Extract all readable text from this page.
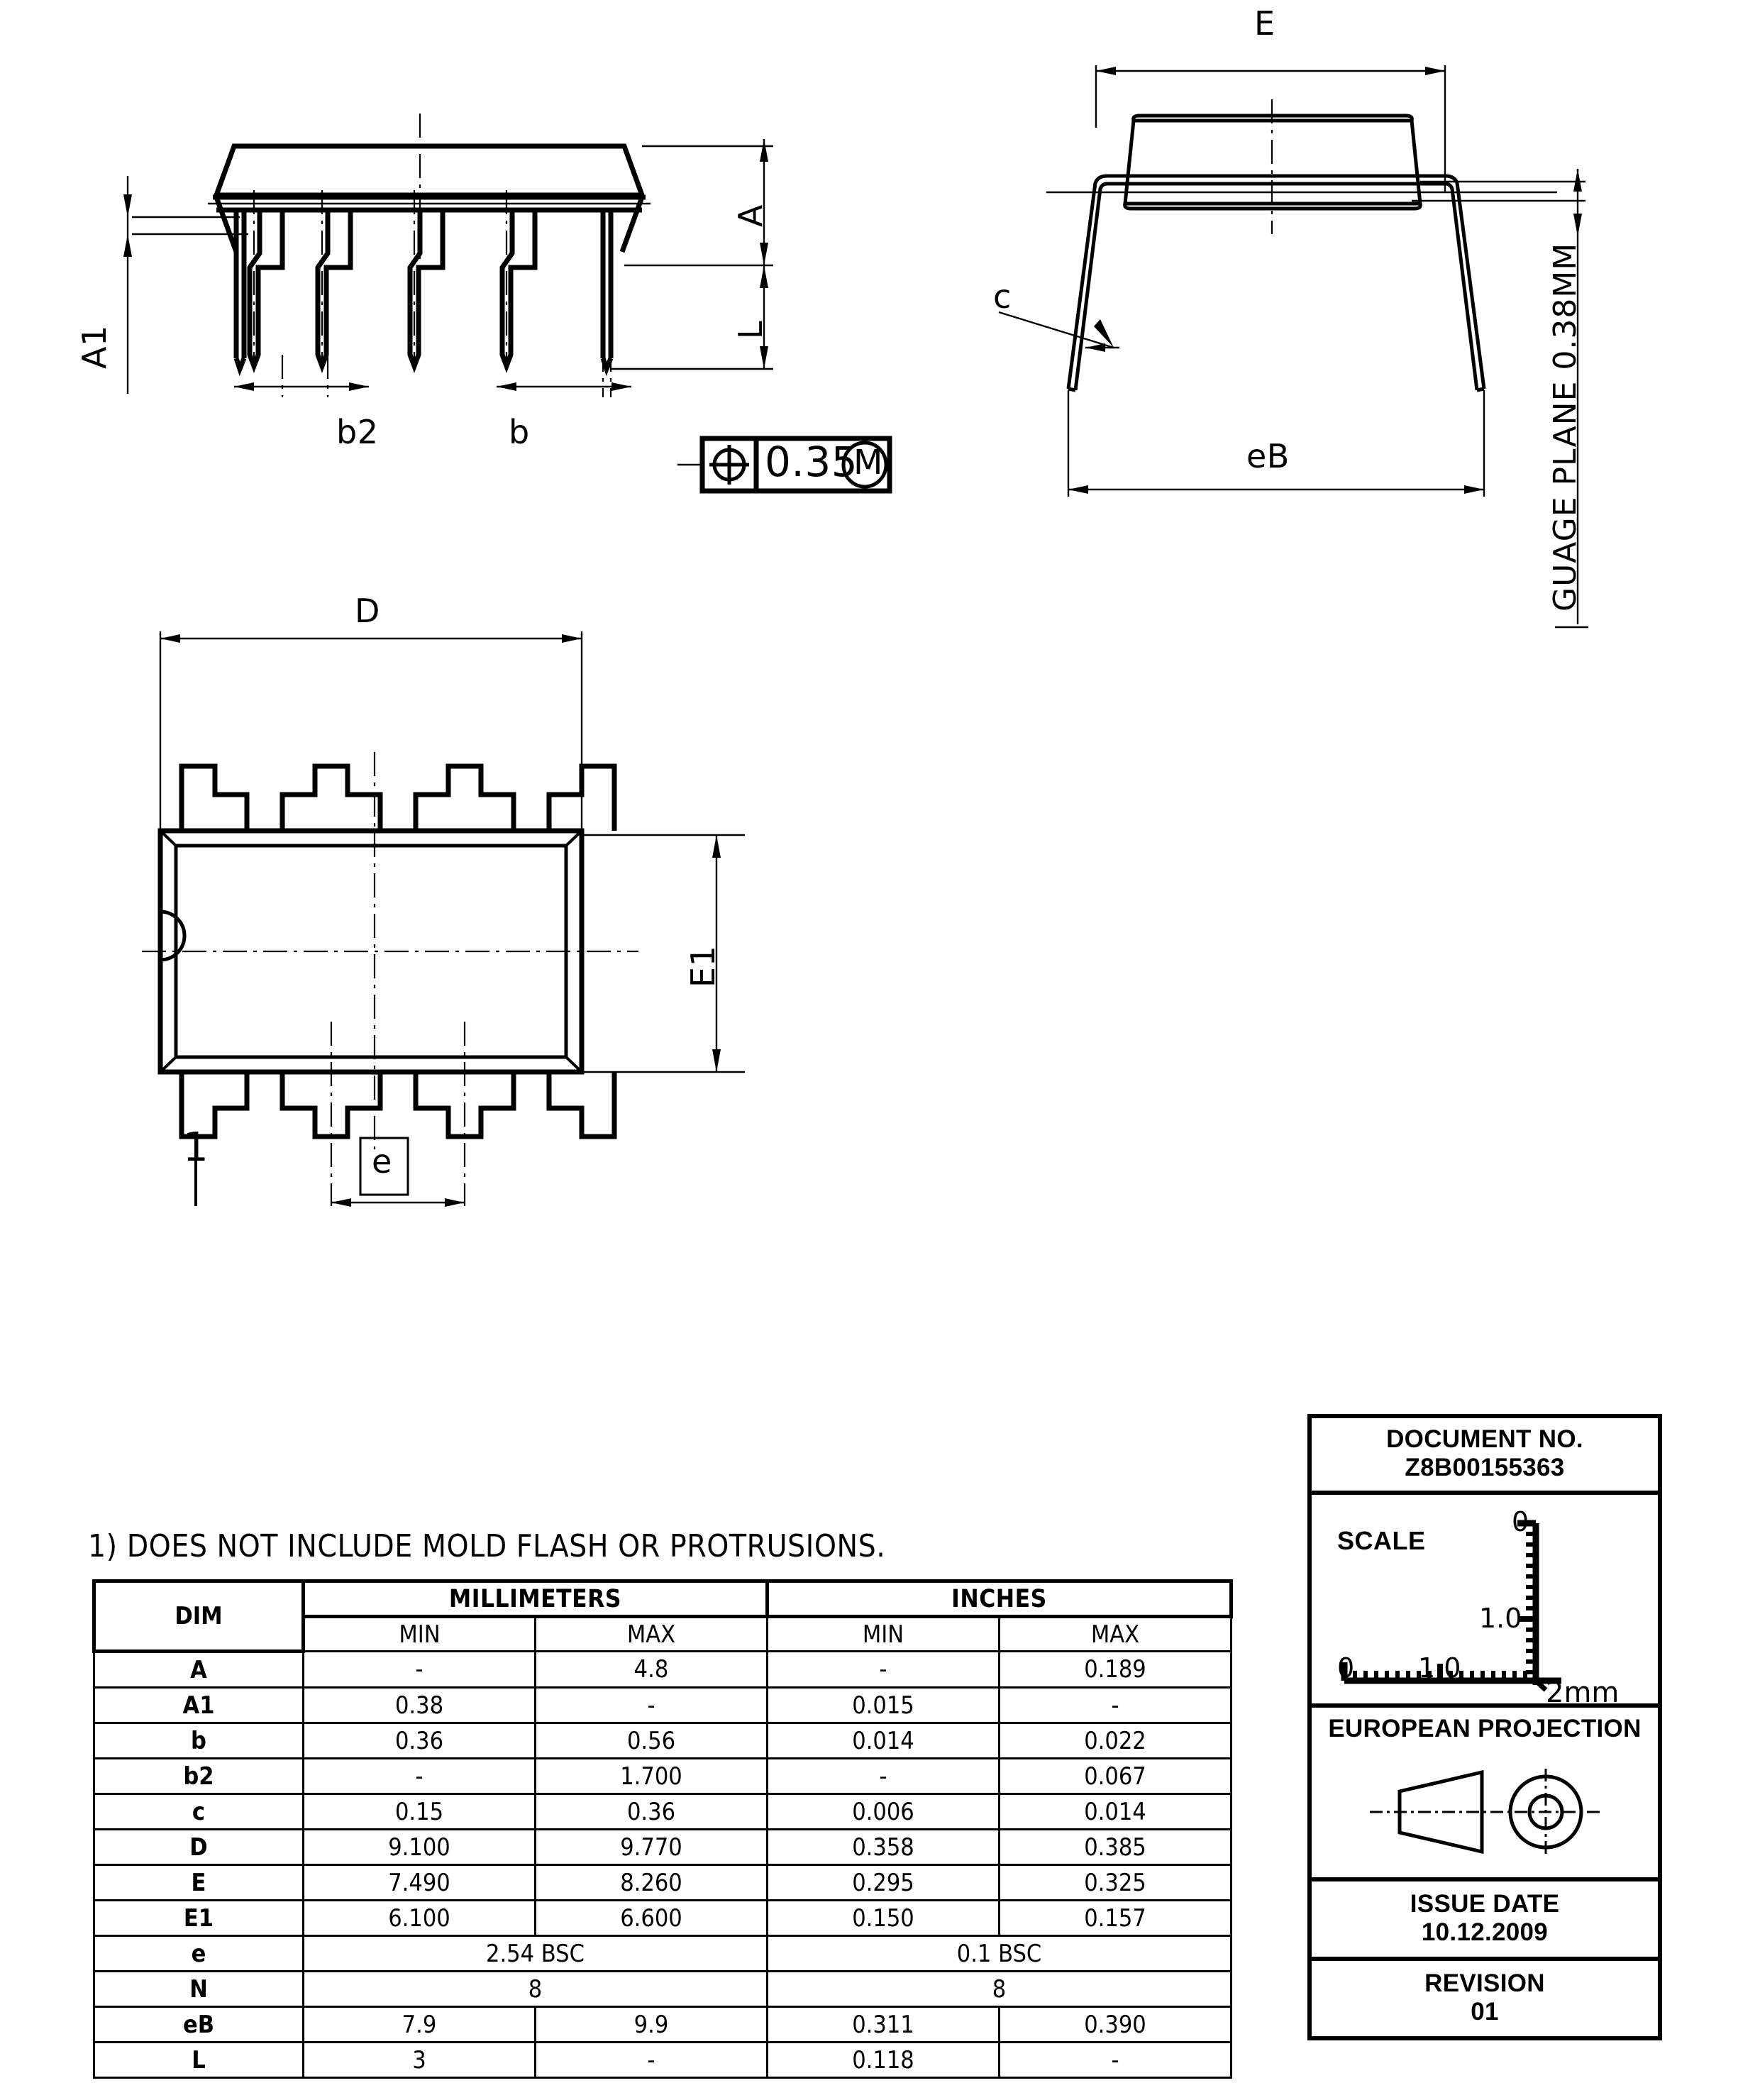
A1
A
L
b2	b
E
eB
c	GUAGE PLANE 0.38MM
D
E1
e
1
0.35
M
1) DOES NOT INCLUDE MOLD FLASH OR PROTRUSIONS.
DIM	MILLIMETERS		INCHES	
	MIN	MAX	MIN	MAX
A	-	4.8	-	0.189
A1	0.38	-	0.015	-
b	0.36	0.56	0.014	0.022
b2	-	1.700	-	0.067
c	0.15	0.36	0.006	0.014
D	9.100	9.770	0.358	0.385
E	7.490	8.260	0.295	0.325
E1	6.100	6.600	0.150	0.157
e	2.54 BSC		0.1 BSC	
N	8		8	
eB	7.9	9.9	0.311	0.390
L	3	-	0.118	-
DOCUMENT NO.
Z8B00155363
SCALE
0 1.0
0
1.0
2mm
EUROPEAN PROJECTION
ISSUE DATE
10.12.2009
REVISION
01
